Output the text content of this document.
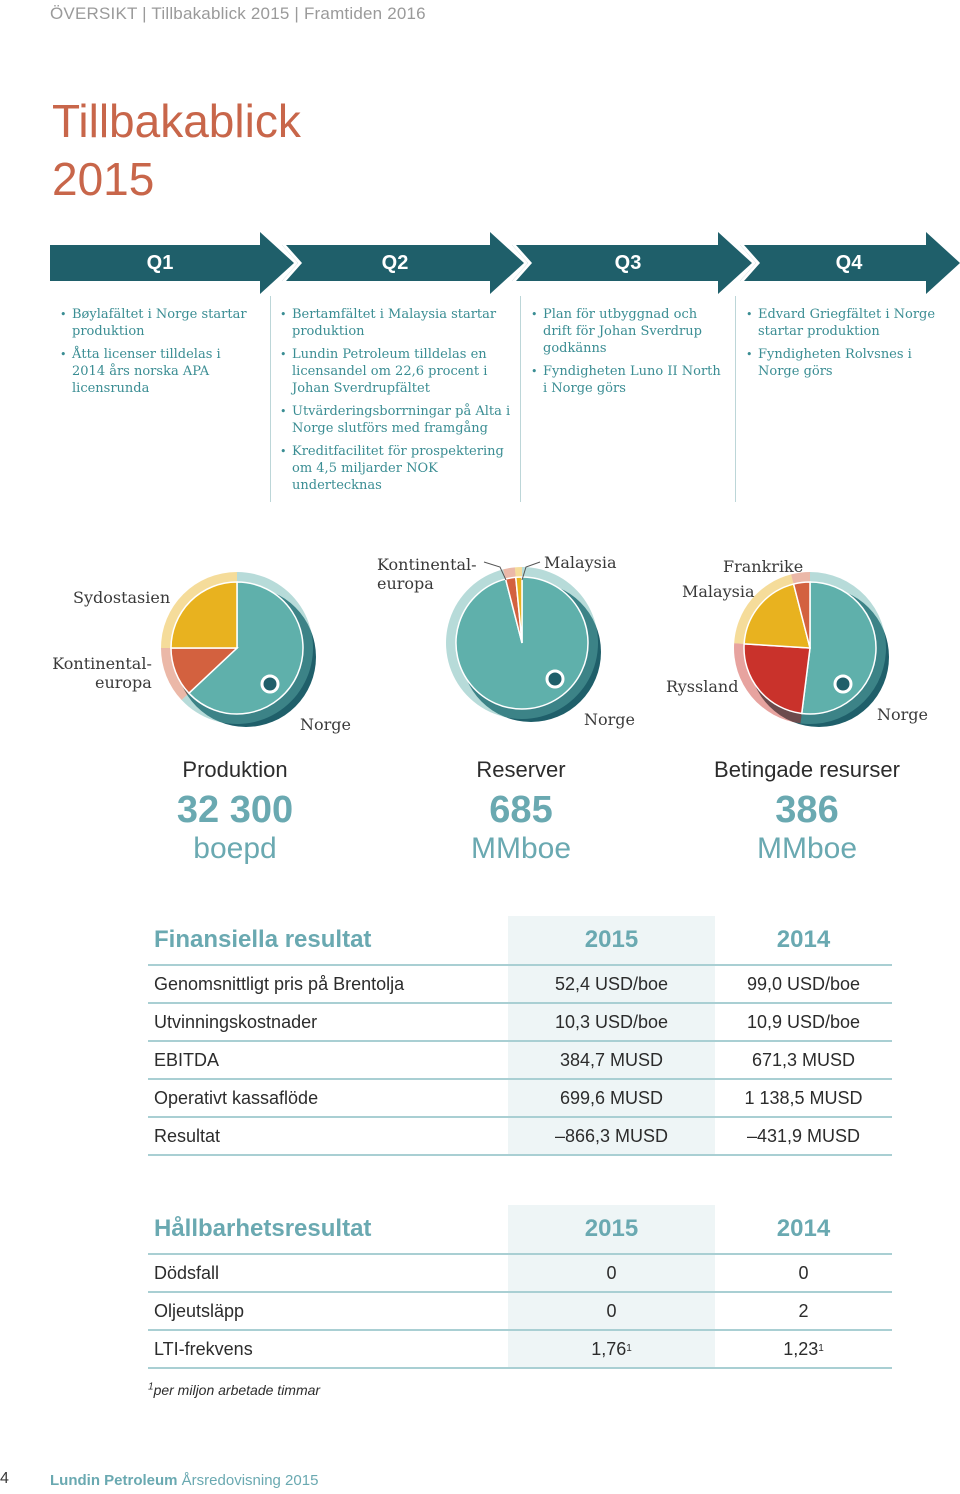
ÖVERSIKT | Tillbakablick 2015 | Framtiden 2016
Tillbakablick
2015
Q1	Q2	Q3	Q4
• Bøylafältet i Norge startar produktion
• Åtta licenser tilldelas i 2014 års norska APA licensrunda
• Bertamfältet i Malaysia startar produktion
• Lundin Petroleum tilldelas en licensandel om 22,6 procent i Johan Sverdrupfältet
• Utvärderingsborrningar på Alta i Norge slutförs med framgång
• Kreditfacilitet för prospektering om 4,5 miljarder NOK undertecknas
• Plan för utbyggnad och drift för Johan Sverdrup godkänns
• Fyndigheten Luno II North i Norge görs
• Edvard Griegfältet i Norge startar produktion
• Fyndigheten Rolvsnes i Norge görs
Sydostasien
Kontinental-
europa
Norge
Kontinental-
europa
Malaysia
Norge
Frankrike
Malaysia
Ryssland
Norge
Produktion
32 300
boepd
Reserver
685
MMboe
Betingade resurser
386
MMboe
Finansiella resultat	2015	2014
Genomsnittligt pris på Brentolja	52,4 USD/boe	99,0 USD/boe
Utvinningskostnader	10,3 USD/boe	10,9 USD/boe
EBITDA	384,7 MUSD	671,3 MUSD
Operativt kassaflöde	699,6 MUSD	1 138,5 MUSD
Resultat	–866,3 MUSD	–431,9 MUSD
Hållbarhetsresultat	2015	2014
Dödsfall	0	0
Oljeutsläpp	0	2
LTI-frekvens	1,76 1	1,23 1
$^1$per miljon arbetade timmar
4	Lundin Petroleum Årsredovisning 2015
